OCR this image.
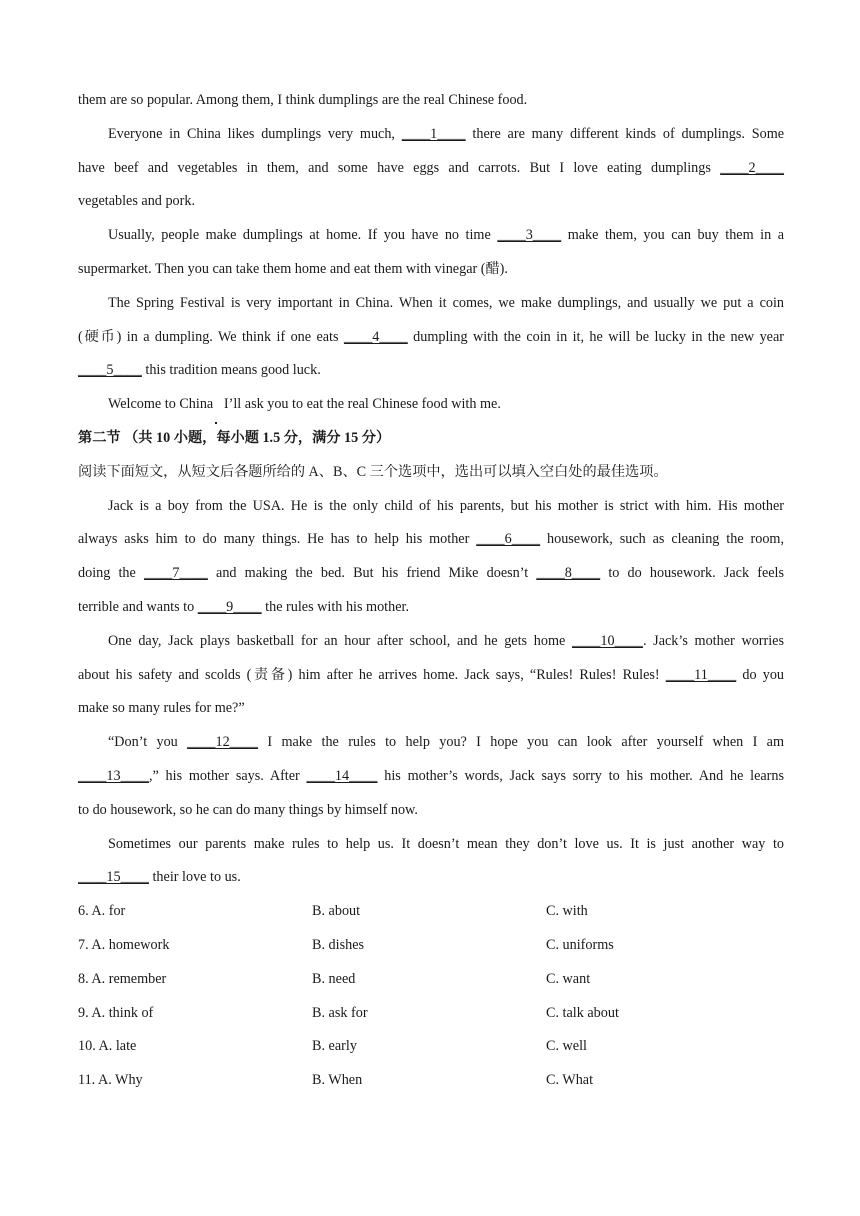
them are so popular. Among them, I think dumplings are the real Chinese food.
Everyone in China likes dumplings very much, ____1____ there are many different kinds of dumplings. Some
have beef and vegetables in them, and some have eggs and carrots. But I love eating dumplings ____2____
vegetables and pork.
Usually, people make dumplings at home. If you have no time ____3____ make them, you can buy them in a
supermarket. Then you can take them home and eat them with vinegar (醋).
The Spring Festival is very important in China. When it comes, we make dumplings, and usually we put a coin
(硬币) in a dumpling. We think if one eats ____4____ dumpling with the coin in it, he will be lucky in the new year
____5____ this tradition means good luck.
Welcome to China I’ll ask you to eat the real Chinese food with me.
第二节 （共 10 小题，每小题 1.5 分，满分 15 分）
阅读下面短文，从短文后各题所给的 A、B、C 三个选项中，选出可以填入空白处的最佳选项。
Jack is a boy from the USA. He is the only child of his parents, but his mother is strict with him. His mother
always asks him to do many things. He has to help his mother ____6____ housework, such as cleaning the room,
doing the ____7____ and making the bed. But his friend Mike doesn’t ____8____ to do housework. Jack feels
terrible and wants to ____9____ the rules with his mother.
One day, Jack plays basketball for an hour after school, and he gets home ____10____. Jack’s mother worries
about his safety and scolds (责备) him after he arrives home. Jack says, “Rules! Rules! Rules! ____11____ do you
make so many rules for me?”
“Don’t you ____12____ I make the rules to help you? I hope you can look after yourself when I am
____13____,” his mother says. After ____14____ his mother’s words, Jack says sorry to his mother. And he learns
to do housework, so he can do many things by himself now.
Sometimes our parents make rules to help us. It doesn’t mean they don’t love us. It is just another way to
____15____ their love to us.
6. A. for	B. about	C. with
7. A. homework	B. dishes	C. uniforms
8. A. remember	B. need	C. want
9. A. think of	B. ask for	C. talk about
10. A. late	B. early	C. well
11. A. Why	B. When	C. What
